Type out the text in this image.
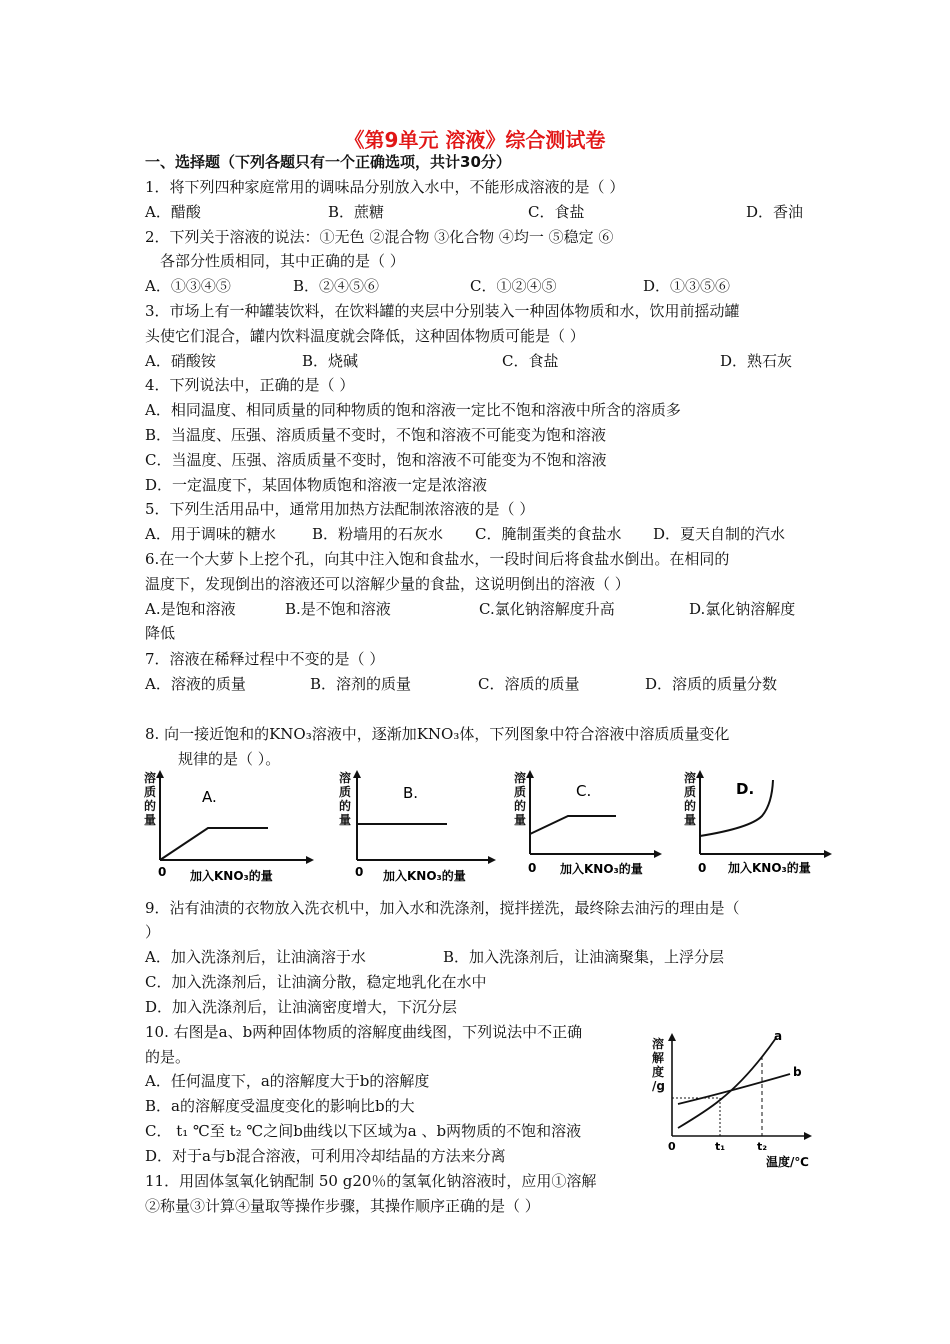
《第9单元 溶液》综合测试卷
一、选择题（下列各题只有一个正确选项，共计30分）
1．将下列四种家庭常用的调味品分别放入水中，不能形成溶液的是（ ）
A．醋酸	B．蔗糖	C．食盐	D．香油
2．下列关于溶液的说法：①无色 ②混合物 ③化合物 ④均一 ⑤稳定 ⑥
各部分性质相同，其中正确的是（ ）
A．①③④⑤	B．②④⑤⑥	C．①②④⑤	D．①③⑤⑥
3．市场上有一种罐装饮料，在饮料罐的夹层中分别装入一种固体物质和水，饮用前摇动罐
头使它们混合，罐内饮料温度就会降低，这种固体物质可能是（ ）
A．硝酸铵	B．烧碱	C．食盐	D．熟石灰
4．下列说法中，正确的是（ ）
A．相同温度、相同质量的同种物质的饱和溶液一定比不饱和溶液中所含的溶质多
B．当温度、压强、溶质质量不变时，不饱和溶液不可能变为饱和溶液
C．当温度、压强、溶质质量不变时，饱和溶液不可能变为不饱和溶液
D．一定温度下，某固体物质饱和溶液一定是浓溶液
5．下列生活用品中，通常用加热方法配制浓溶液的是（ ）
A．用于调味的糖水 B．粉墙用的石灰水 C．腌制蛋类的食盐水 D．夏天自制的汽水
6.在一个大萝卜上挖个孔，向其中注入饱和食盐水，一段时间后将食盐水倒出。在相同的
温度下，发现倒出的溶液还可以溶解少量的食盐，这说明倒出的溶液（ ）
A.是饱和溶液	B.是不饱和溶液	C.氯化钠溶解度升高	D.氯化钠溶解度
降低
7．溶液在稀释过程中不变的是（ ）
A．溶液的质量	B．溶剂的质量	C．溶质的质量	D．溶质的质量分数
8. 向一接近饱和的KNO₃溶液中，逐渐加KNO₃体，下列图象中符合溶液中溶质质量变化
规律的是（ ）。
溶
质
的
量
A.
0 加入KNO₃的量
溶
质
的
量
B.
0 加入KNO₃的量
溶
质
的
量
C.
0 加入KNO₃的量
溶
质
的
量
D.
0 加入KNO₃的量
9．沾有油渍的衣物放入洗衣机中，加入水和洗涤剂，搅拌搓洗，最终除去油污的理由是（
）
A．加入洗涤剂后，让油滴溶于水	B．加入洗涤剂后，让油滴聚集，上浮分层
C．加入洗涤剂后，让油滴分散，稳定地乳化在水中
D．加入洗涤剂后，让油滴密度增大，下沉分层
10. 右图是a、b两种固体物质的溶解度曲线图，下列说法中不正确
的是。
A．任何温度下，a的溶解度大于b的溶解度
B．a的溶解度受温度变化的影响比b的大
C． t₁ ℃至 t₂ ℃之间b曲线以下区域为a 、b两物质的不饱和溶液
D．对于a与b混合溶液，可利用冷却结晶的方法来分离
溶
解
度
/g
a
b
0	t₁	t₂
温度/℃
11．用固体氢氧化钠配制 50 g20％的氢氧化钠溶液时，应用①溶解
②称量③计算④量取等操作步骤，其操作顺序正确的是（ ）
